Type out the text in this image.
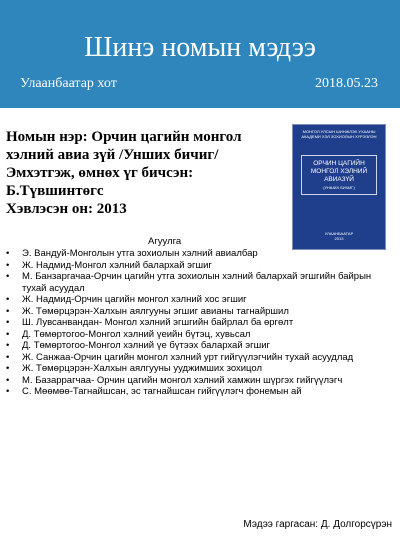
Шинэ номын мэдээ
Улаанбаатар хот	2018.05.23
Номын нэр: Орчин цагийн монгол
хэлний авиа зүй /Уншиx бичиг/
Эмхэтгэж, өмнөх үг бичсэн:
Б.Түвшинтөгс
Хэвлэсэн он: 2013
МОНГОЛ УЛСЫН ШИНЖЛЭХ УХААНЫ АКАДЕМИ ХЭЛ ЗОХИОЛЫН ХҮРЭЭЛЭН
ОРЧИН ЦАГИЙН
МОНГОЛ ХЭЛНИЙ АВИАЗҮЙ
(УНШИХ БИЧИГ)
УЛААНБААТАР
2013
Агуулга
• Э. Вандуй-Монголын утга зохиолын хэлний авиалбар
• Ж. Надмид-Монгол хэлний балархай эгшиг
• М. Банзаргачаа-Орчин цагийн утга зохиолын хэлний балархай эгшгийн байрын тухай асуудал
• Ж. Надмид-Орчин цагийн монгол хэлний хос эгшиг
• Ж. Төмөрцэрэн-Халхын аялгууны эгшиг авианы тагнайршил
• Ш. Лувсанвандан- Монгол хэлний эгшгийн байрлал ба өргөлт
• Д. Төмөртогоо-Монгол хэлний үеийн бүтэц, хувьсал
• Д. Төмөртогоо-Монгол хэлний үе бүтээх балархай эгшиг
• Ж. Санжаа-Орчин цагийн монгол хэлний урт гийгүүлэгчийн тухай асуудлад
• Ж. Төмөрцэрэн-Халхын аялгууны ууджимших зохицол
• М. Базаррагчаа- Орчин цагийн монгол хэлний хамжин шүргэх гийгүүлэгч
• С. Мөөмөө-Тагнайшсан, эс тагнайшсан гийгүүлэгч фонемын ай
Мэдээ гаргасан: Д. Долгорсүрэн
